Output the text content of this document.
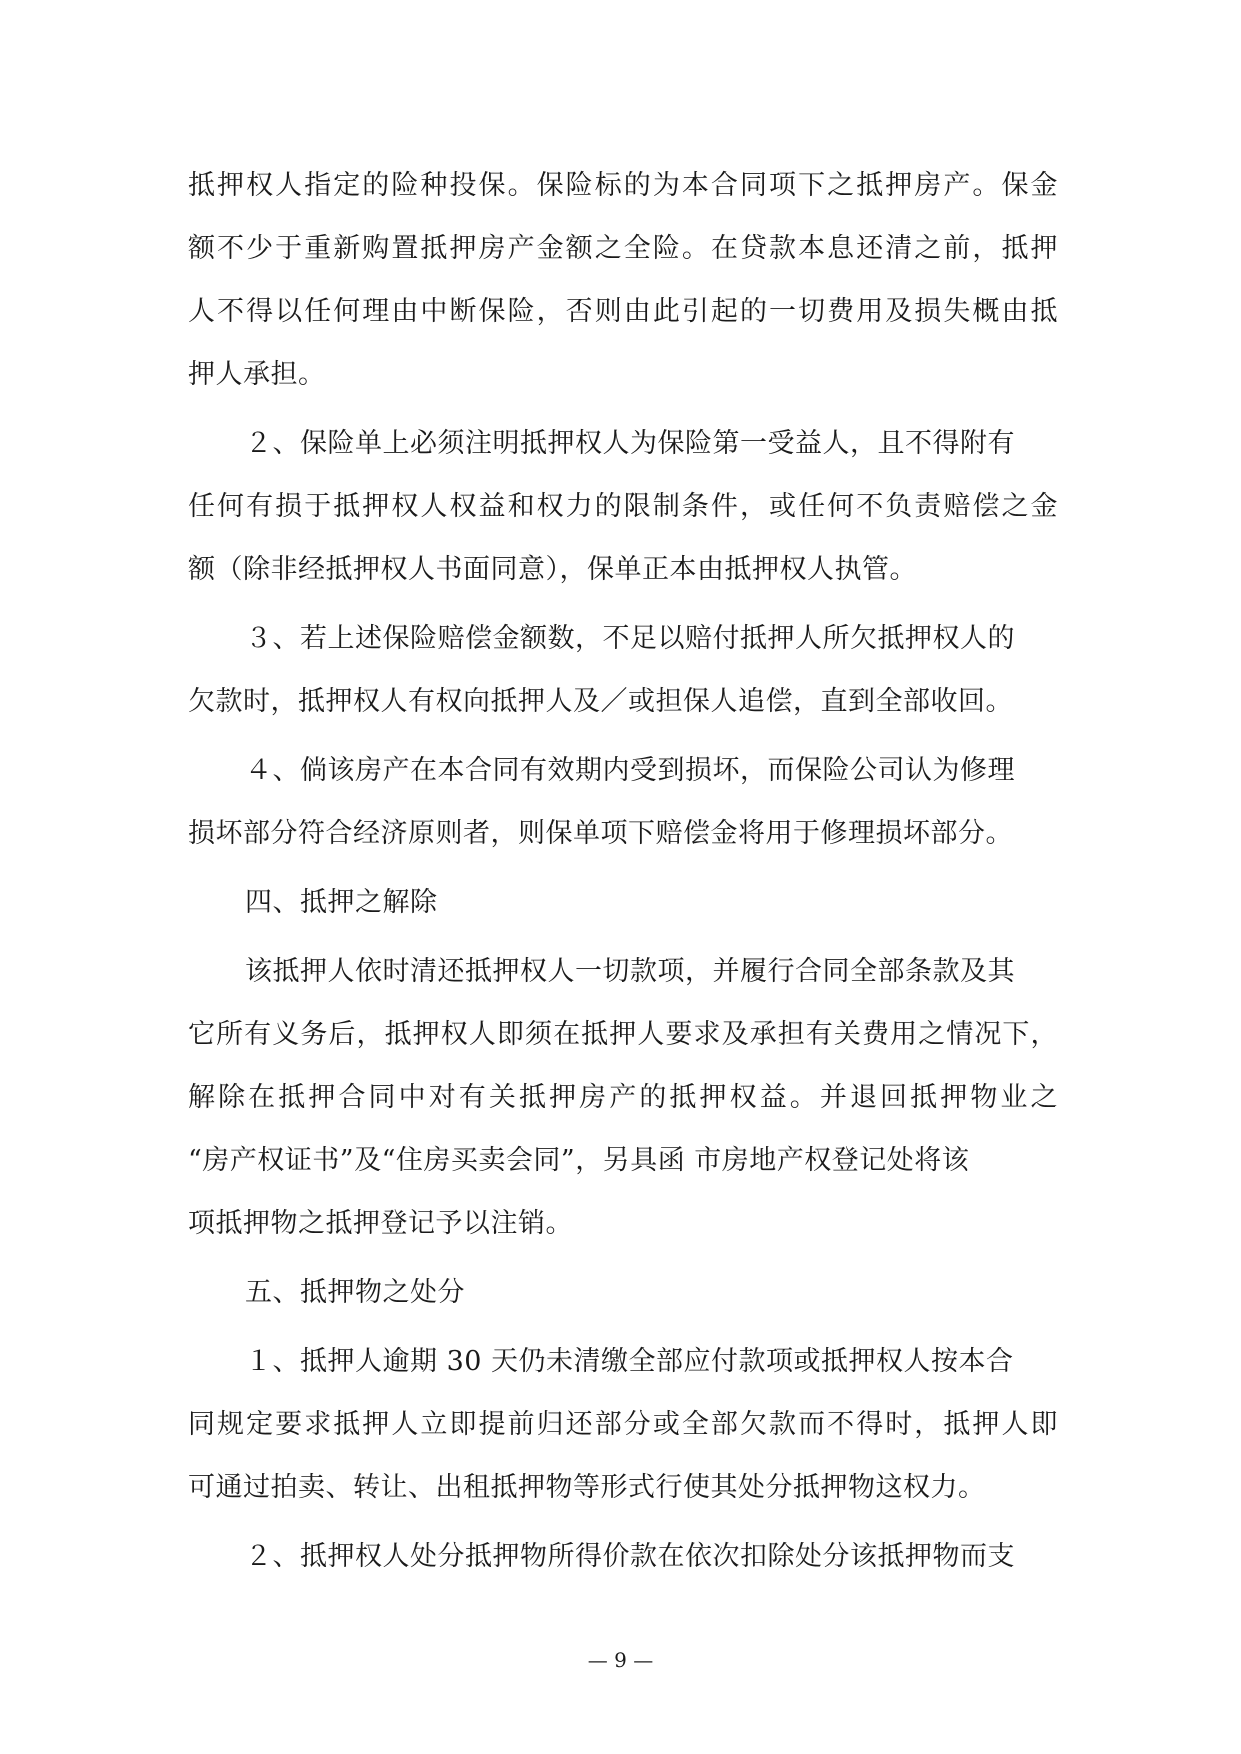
抵押权人指定的险种投保。保险标的为本合同项下之抵押房产。保金
额不少于重新购置抵押房产金额之全险。在贷款本息还清之前，抵押
人不得以任何理由中断保险，否则由此引起的一切费用及损失概由抵
押人承担。
２、保险单上必须注明抵押权人为保险第一受益人，且不得附有
任何有损于抵押权人权益和权力的限制条件，或任何不负责赔偿之金
额（除非经抵押权人书面同意），保单正本由抵押权人执管。
３、若上述保险赔偿金额数，不足以赔付抵押人所欠抵押权人的
欠款时，抵押权人有权向抵押人及／或担保人追偿，直到全部收回。
４、倘该房产在本合同有效期内受到损坏，而保险公司认为修理
损坏部分符合经济原则者，则保单项下赔偿金将用于修理损坏部分。
四、抵押之解除
该抵押人依时清还抵押权人一切款项，并履行合同全部条款及其
它所有义务后，抵押权人即须在抵押人要求及承担有关费用之情况下，
解除在抵押合同中对有关抵押房产的抵押权益。并退回抵押物业之
“房产权证书”及“住房买卖会同”，另具函 市房地产权登记处将该
项抵押物之抵押登记予以注销。
五、抵押物之处分
１、抵押人逾期 30 天仍未清缴全部应付款项或抵押权人按本合
同规定要求抵押人立即提前归还部分或全部欠款而不得时，抵押人即
可通过拍卖、转让、出租抵押物等形式行使其处分抵押物这权力。
２、抵押权人处分抵押物所得价款在依次扣除处分该抵押物而支
— 9 —
